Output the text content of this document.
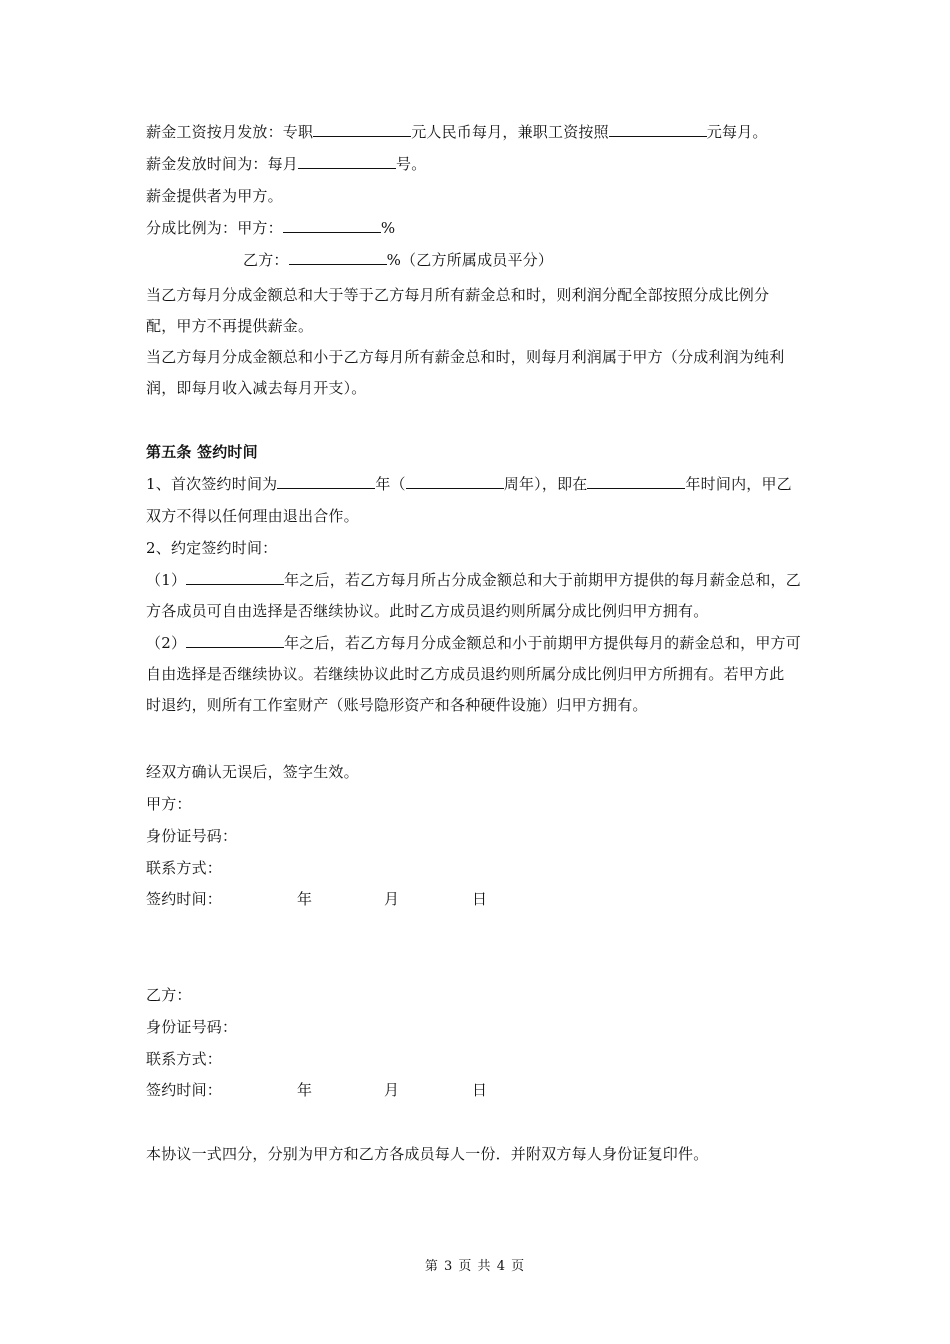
薪金工资按月发放：专职	元人民币每月，兼职工资按照	元每月。
薪金发放时间为：每月	号。
薪金提供者为甲方。
分成比例为：甲方：	%
乙方：	%（乙方所属成员平分）
当乙方每月分成金额总和大于等于乙方每月所有薪金总和时，则利润分配全部按照分成比例分
配，甲方不再提供薪金。
当乙方每月分成金额总和小于乙方每月所有薪金总和时，则每月利润属于甲方（分成利润为纯利
润，即每月收入减去每月开支）。
第五条 签约时间
1、首次签约时间为	年（	周年），即在	年时间内，甲乙
双方不得以任何理由退出合作。
2、约定签约时间：
（1）	年之后，若乙方每月所占分成金额总和大于前期甲方提供的每月薪金总和，乙
方各成员可自由选择是否继续协议。此时乙方成员退约则所属分成比例归甲方拥有。
（2）	年之后，若乙方每月分成金额总和小于前期甲方提供每月的薪金总和，甲方可
自由选择是否继续协议。若继续协议此时乙方成员退约则所属分成比例归甲方所拥有。若甲方此
时退约，则所有工作室财产（账号隐形资产和各种硬件设施）归甲方拥有。
经双方确认无误后，签字生效。
甲方：
身份证号码：
联系方式：
签约时间：	年	月	日
乙方：
身份证号码：
联系方式：
签约时间：	年	月	日
本协议一式四分，分别为甲方和乙方各成员每人一份．并附双方每人身份证复印件。
第 3 页 共 4 页
